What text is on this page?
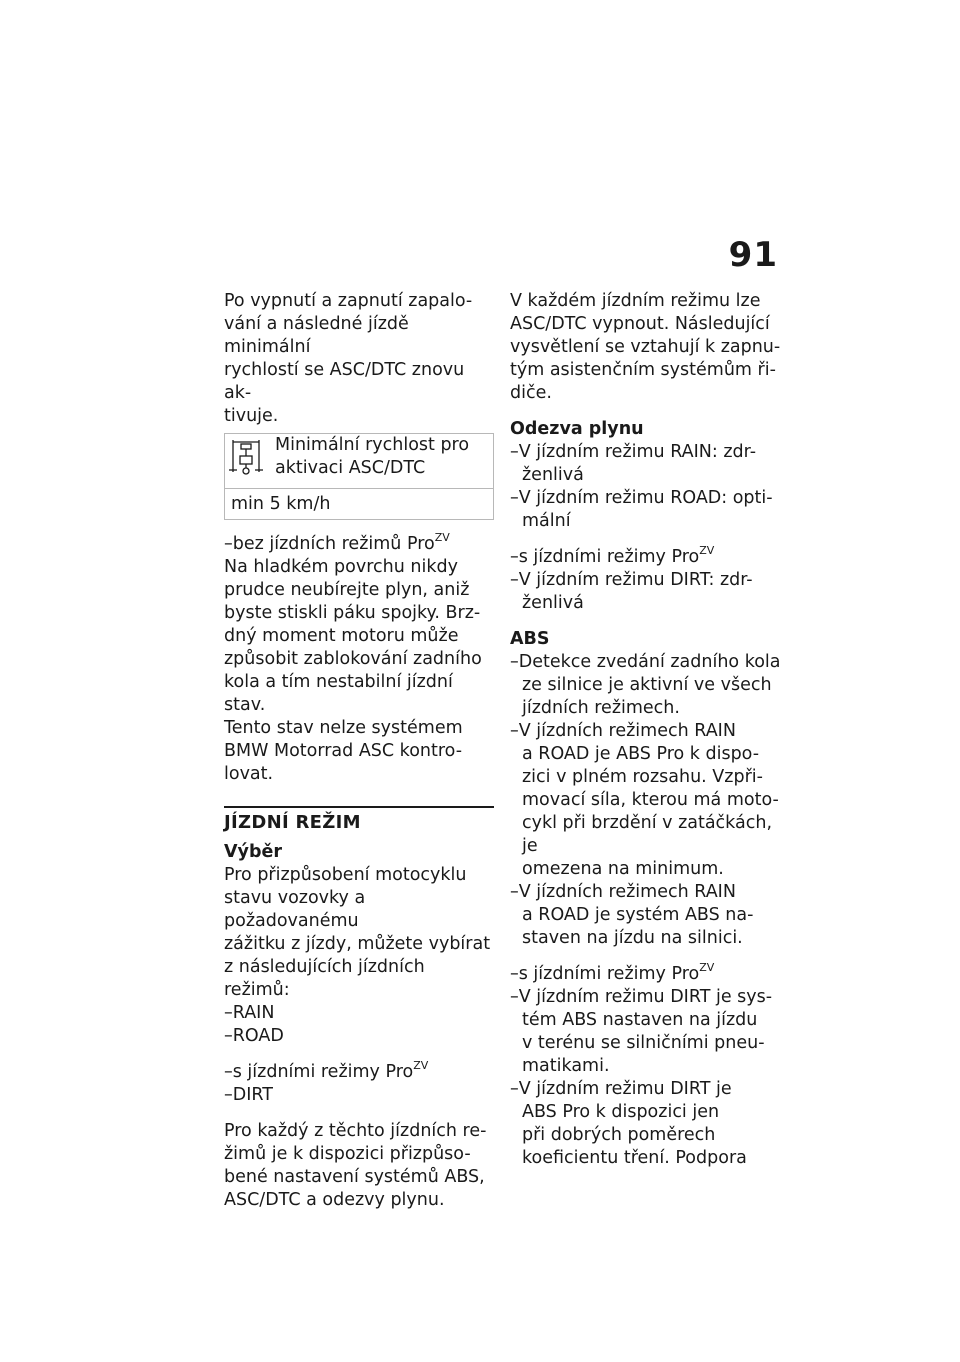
91

Po vypnutí a zapnutí zapalo-

vání a následné jízdě minimální

rychlostí se ASC/DTC znovu ak-

tivuje.

Minimální rychlost pro

aktivaci ASC/DTC

min 5 km/h

–bez jízdních režimů Pro$^{ZV}$

Na hladkém povrchu nikdy

prudce neubírejte plyn, aniž

byste stiskli páku spojky. Brz-

dný moment motoru může

způsobit zablokování zadního

kola a tím nestabilní jízdní stav.

Tento stav nelze systémem

BMW Motorrad ASC kontro-

lovat.

JÍZDNÍ REŽIM

Výběr

Pro přizpůsobení motocyklu

stavu vozovky a požadovanému

zážitku z jízdy, můžete vybírat

z následujících jízdních režimů:

–RAIN

–ROAD

–s jízdními režimy Pro$^{ZV}$

–DIRT

Pro každý z těchto jízdních re-

žimů je k dispozici přizpůso-

bené nastavení systémů ABS,

ASC/DTC a odezvy plynu.

V každém jízdním režimu lze

ASC/DTC vypnout. Následující

vysvětlení se vztahují k zapnu-

tým asistenčním systémům ři-

diče.

Odezva plynu

–V jízdním režimu RAIN: zdr-

ženlivá

–V jízdním režimu ROAD: opti-

mální

–s jízdními režimy Pro$^{ZV}$

–V jízdním režimu DIRT: zdr-

ženlivá

ABS

–Detekce zvedání zadního kola

ze silnice je aktivní ve všech

jízdních režimech.

–V jízdních režimech RAIN

a ROAD je ABS Pro k dispo-

zici v plném rozsahu. Vzpři-

movací síla, kterou má moto-

cykl při brzdění v zatáčkách, je

omezena na minimum.

–V jízdních režimech RAIN

a ROAD je systém ABS na-

staven na jízdu na silnici.

–s jízdními režimy Pro$^{ZV}$

–V jízdním režimu DIRT je sys-

tém ABS nastaven na jízdu

v terénu se silničními pneu-

matikami.

–V jízdním režimu DIRT je

ABS Pro k dispozici jen

při dobrých poměrech

koeficientu tření. Podpora
